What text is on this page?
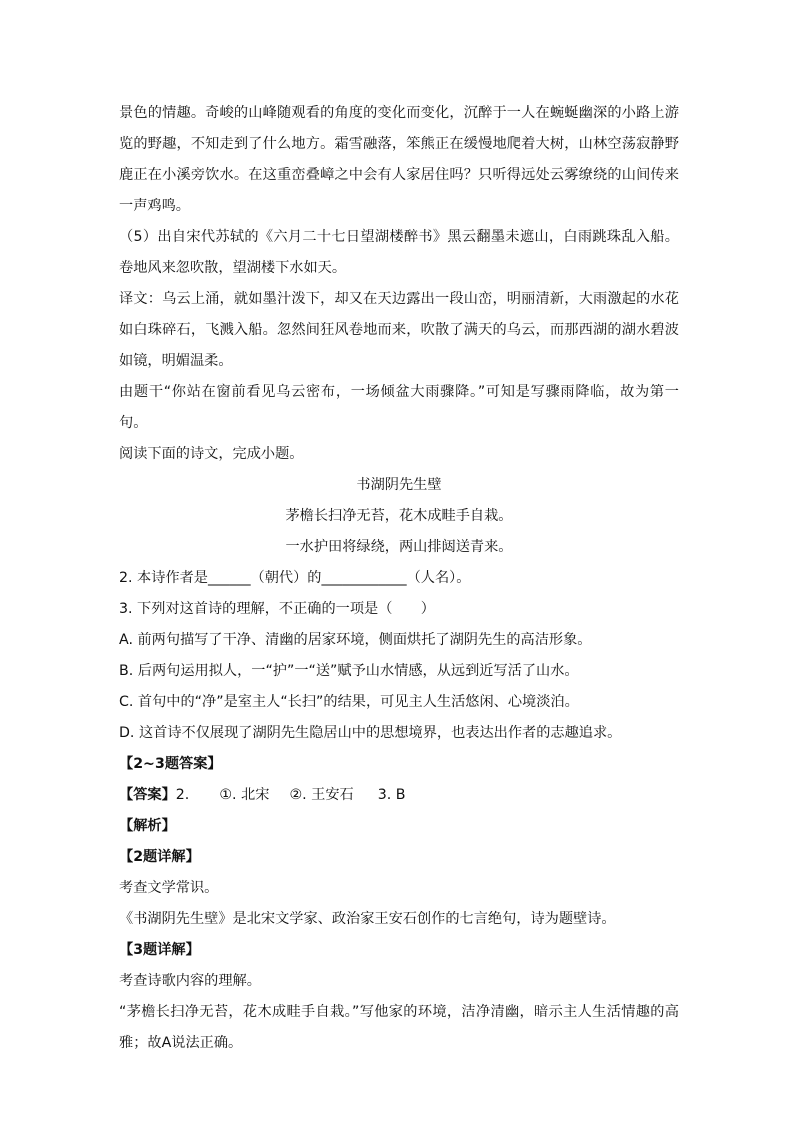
景色的情趣。奇峻的山峰随观看的角度的变化而变化，沉醉于一人在蜿蜒幽深的小路上游览的野趣，不知走到了什么地方。霜雪融落，笨熊正在缓慢地爬着大树，山林空荡寂静野鹿正在小溪旁饮水。在这重峦叠嶂之中会有人家居住吗？只听得远处云雾缭绕的山间传来一声鸡鸣。

（5）出自宋代苏轼的《六月二十七日望湖楼醉书》黑云翻墨未遮山，白雨跳珠乱入船。卷地风来忽吹散，望湖楼下水如天。

译文：乌云上涌，就如墨汁泼下，却又在天边露出一段山峦，明丽清新，大雨激起的水花如白珠碎石，飞溅入船。忽然间狂风卷地而来，吹散了满天的乌云，而那西湖的湖水碧波如镜，明媚温柔。

由题干“你站在窗前看见乌云密布，一场倾盆大雨骤降。”可知是写骤雨降临，故为第一句。

阅读下面的诗文，完成小题。

书湖阴先生壁

茅檐长扫净无苔，花木成畦手自栽。

一水护田将绿绕，两山排闼送青来。

2. 本诗作者是______（朝代）的____________（人名）。

3. 下列对这首诗的理解，不正确的一项是（　　）

A. 前两句描写了干净、清幽的居家环境，侧面烘托了湖阴先生的高洁形象。

B. 后两句运用拟人，一“护”一“送”赋予山水情感，从远到近写活了山水。

C. 首句中的“净”是室主人“长扫”的结果，可见主人生活悠闲、心境淡泊。

D. 这首诗不仅展现了湖阴先生隐居山中的思想境界，也表达出作者的志趣追求。

【2~3题答案】

【答案】2. ①. 北宋 ②. 王安石 3. B

【解析】

【2题详解】

考查文学常识。

《书湖阴先生壁》是北宋文学家、政治家王安石创作的七言绝句，诗为题壁诗。

【3题详解】

考查诗歌内容的理解。

“茅檐长扫净无苔，花木成畦手自栽。”写他家的环境，洁净清幽，暗示主人生活情趣的高雅；故A说法正确。
